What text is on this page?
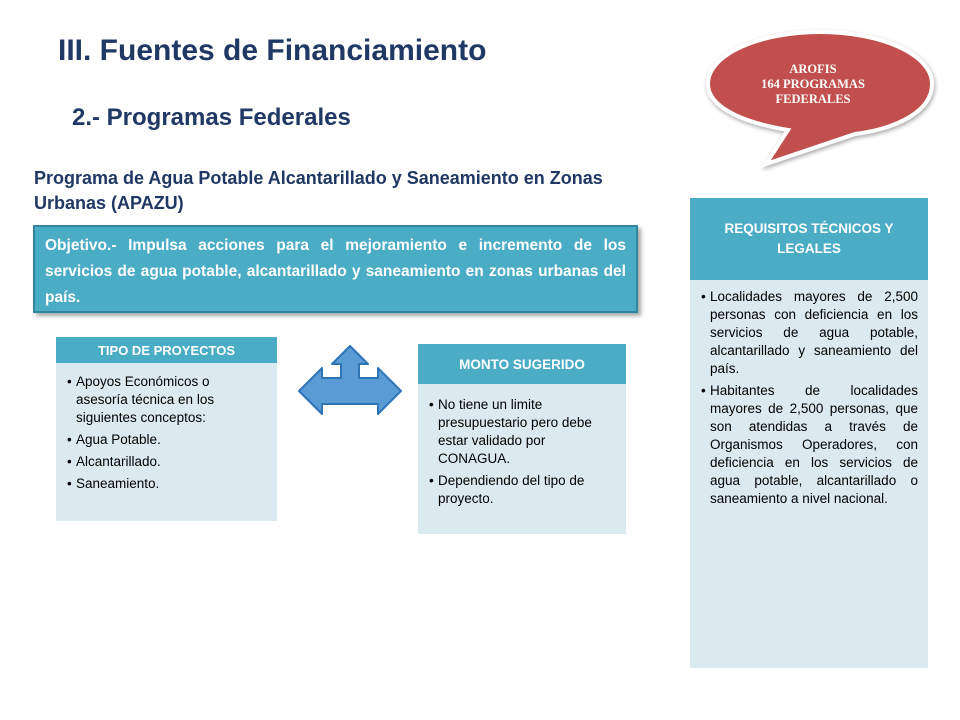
III. Fuentes de Financiamiento
2.- Programas Federales
AROFIS
164 PROGRAMAS
FEDERALES
Programa de Agua Potable Alcantarillado y Saneamiento en Zonas Urbanas (APAZU)
Objetivo.- Impulsa acciones para el mejoramiento e incremento de los servicios de agua potable, alcantarillado y saneamiento en zonas urbanas del país.
TIPO DE PROYECTOS
• Apoyos Económicos o asesoría técnica en los siguientes conceptos:
• Agua Potable.
• Alcantarillado.
• Saneamiento.
MONTO SUGERIDO
• No tiene un limite presupuestario pero debe estar validado por CONAGUA.
• Dependiendo del tipo de proyecto.
REQUISITOS TÉCNICOS Y LEGALES
• Localidades mayores de 2,500 personas con deficiencia en los servicios de agua potable, alcantarillado y saneamiento del país.
• Habitantes de localidades mayores de 2,500 personas, que son atendidas a través de Organismos Operadores, con deficiencia en los servicios de agua potable, alcantarillado o saneamiento a nivel nacional.
